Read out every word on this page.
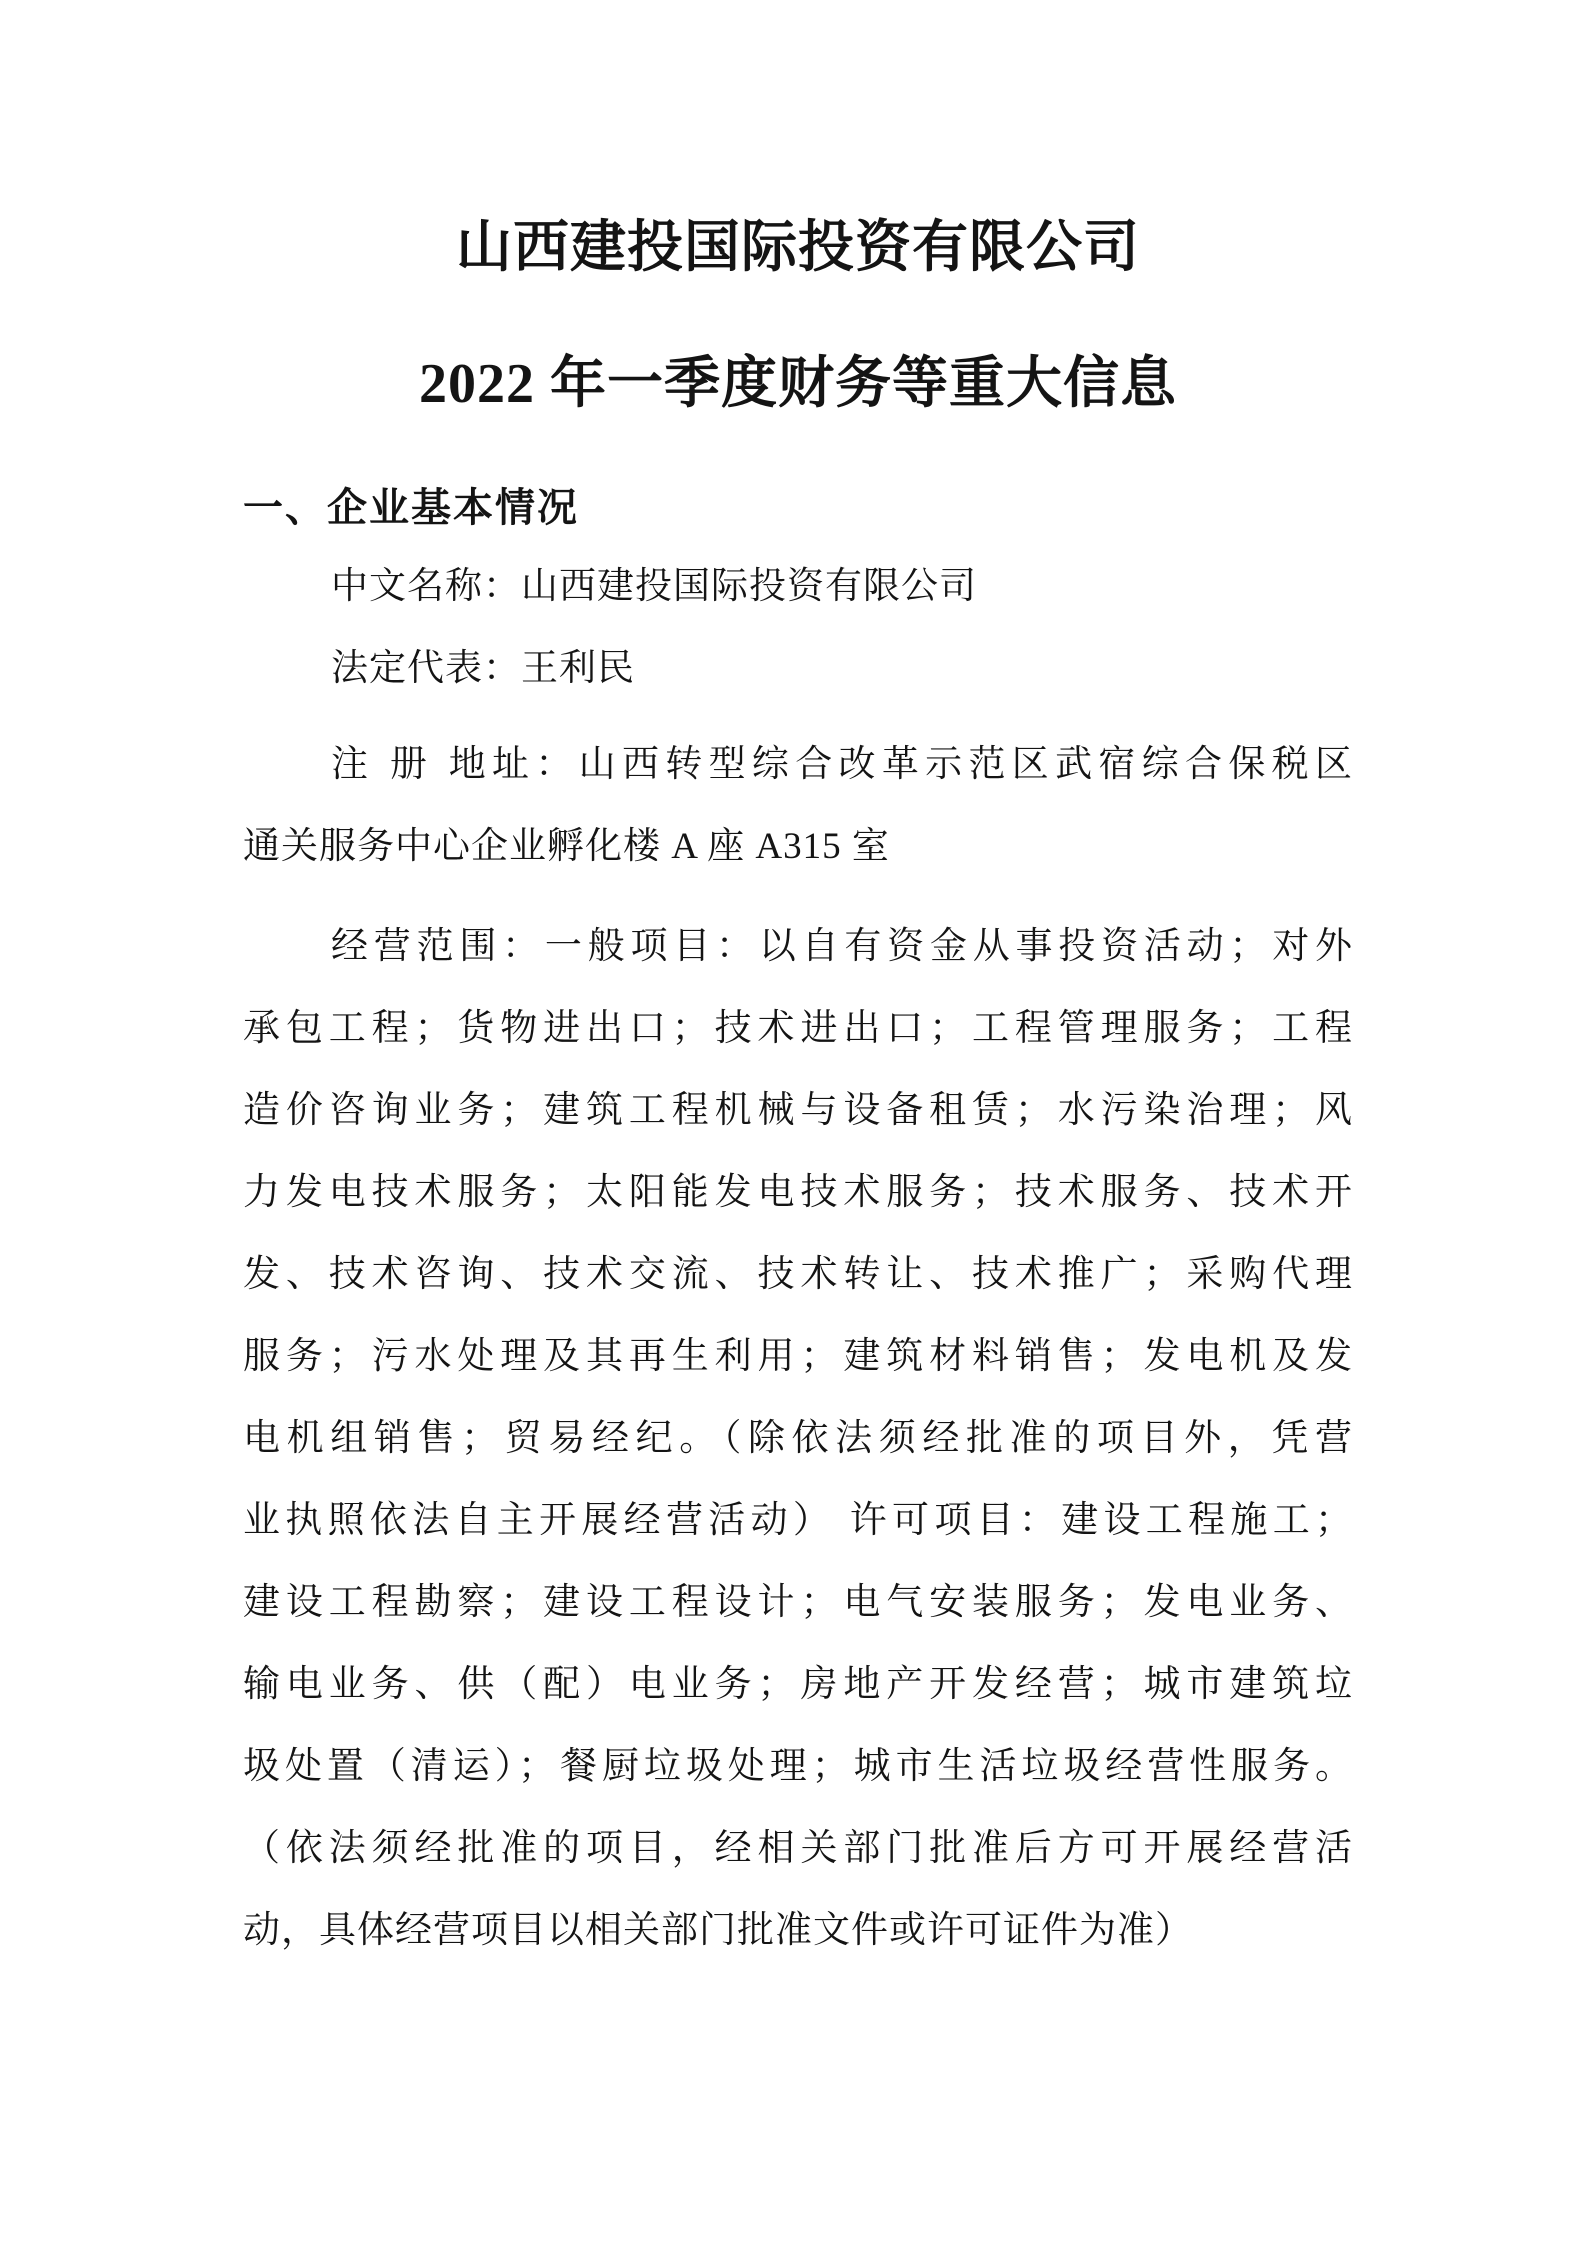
山西建投国际投资有限公司
2022 年一季度财务等重大信息
一、企业基本情况
中文名称：山西建投国际投资有限公司
法定代表：王利民
注 册 地址：山西转型综合改革示范区武宿综合保税区
通关服务中心企业孵化楼 A 座 A315 室
经营范围：一般项目：以自有资金从事投资活动；对外
承包工程；货物进出口；技术进出口；工程管理服务；工程
造价咨询业务；建筑工程机械与设备租赁；水污染治理；风
力发电技术服务；太阳能发电技术服务；技术服务、技术开
发、技术咨询、技术交流、技术转让、技术推广；采购代理
服务；污水处理及其再生利用；建筑材料销售；发电机及发
电机组销售；贸易经纪。（除依法须经批准的项目外，凭营
业执照依法自主开展经营活动） 许可项目：建设工程施工；
建设工程勘察；建设工程设计；电气安装服务；发电业务、
输电业务、供（配）电业务；房地产开发经营；城市建筑垃
圾处置（清运）；餐厨垃圾处理；城市生活垃圾经营性服务。
（依法须经批准的项目，经相关部门批准后方可开展经营活
动，具体经营项目以相关部门批准文件或许可证件为准）
